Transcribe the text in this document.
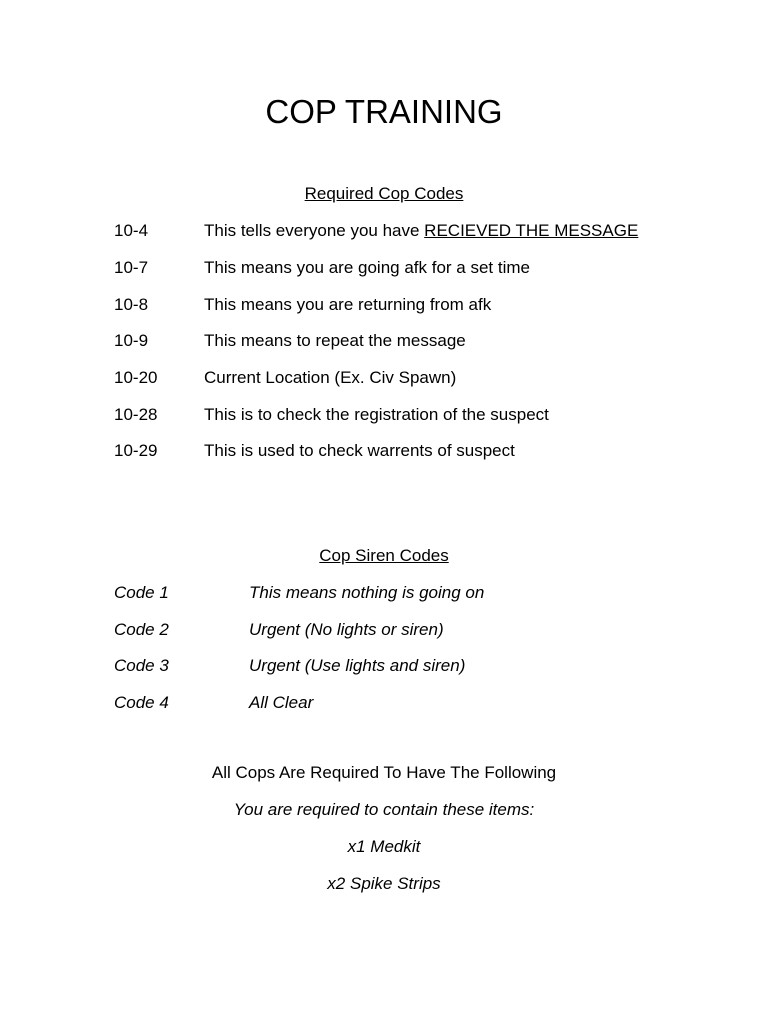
COP TRAINING
Required Cop Codes
10-4	This tells everyone you have RECIEVED THE MESSAGE
10-7	This means you are going afk for a set time
10-8	This means you are returning from afk
10-9	This means to repeat the message
10-20	Current Location (Ex. Civ Spawn)
10-28	This is to check the registration of the suspect
10-29	This is used to check warrents of suspect
Cop Siren Codes
Code 1	This means nothing is going on
Code 2	Urgent (No lights or siren)
Code 3	Urgent (Use lights and siren)
Code 4	All Clear
All Cops Are Required To Have The Following
You are required to contain these items:
x1 Medkit
x2 Spike Strips
